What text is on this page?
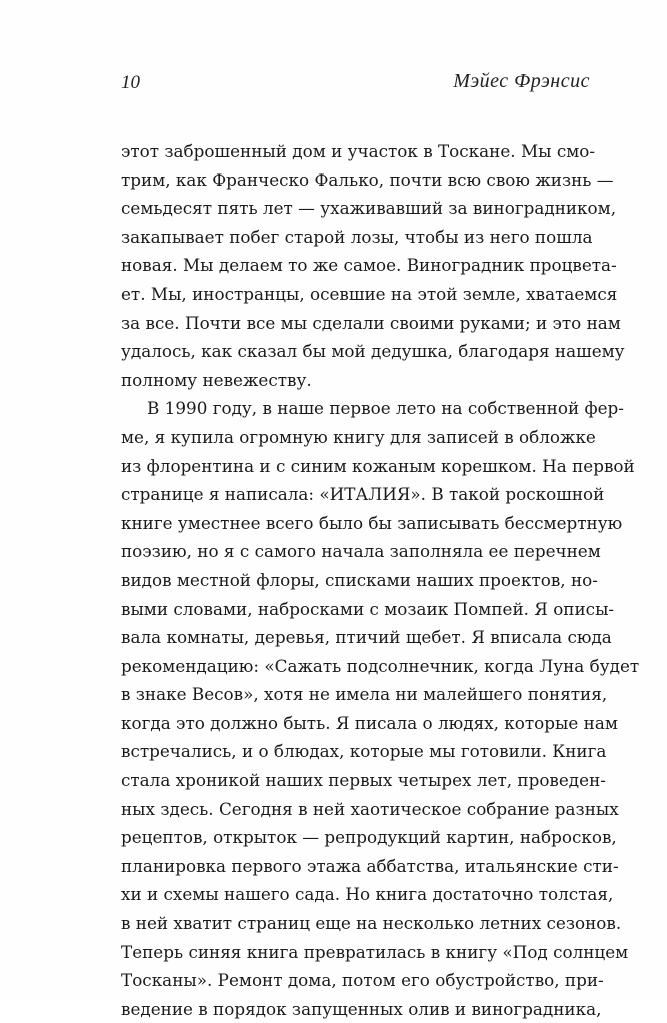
10	Мэйес Фрэнсис
этот заброшенный дом и участок в Тоскане. Мы смо-
трим, как Франческо Фалько, почти всю свою жизнь —
семьдесят пять лет — ухаживавший за виноградником,
закапывает побег старой лозы, чтобы из него пошла
новая. Мы делаем то же самое. Виноградник процвета-
ет. Мы, иностранцы, осевшие на этой земле, хватаемся
за все. Почти все мы сделали своими руками; и это нам
удалось, как сказал бы мой дедушка, благодаря нашему
полному невежеству.
В 1990 году, в наше первое лето на собственной фер-
ме, я купила огромную книгу для записей в обложке
из флорентина и с синим кожаным корешком. На первой
странице я написала: «ИТАЛИЯ». В такой роскошной
книге уместнее всего было бы записывать бессмертную
поэзию, но я с самого начала заполняла ее перечнем
видов местной флоры, списками наших проектов, но-
выми словами, набросками с мозаик Помпей. Я описы-
вала комнаты, деревья, птичий щебет. Я вписала сюда
рекомендацию: «Сажать подсолнечник, когда Луна будет
в знаке Весов», хотя не имела ни малейшего понятия,
когда это должно быть. Я писала о людях, которые нам
встречались, и о блюдах, которые мы готовили. Книга
стала хроникой наших первых четырех лет, проведен-
ных здесь. Сегодня в ней хаотическое собрание разных
рецептов, открыток — репродукций картин, набросков,
планировка первого этажа аббатства, итальянские сти-
хи и схемы нашего сада. Но книга достаточно толстая,
в ней хватит страниц еще на несколько летних сезонов.
Теперь синяя книга превратилась в книгу «Под солнцем
Тосканы». Ремонт дома, потом его обустройство, при-
ведение в порядок запущенных олив и виноградника,
